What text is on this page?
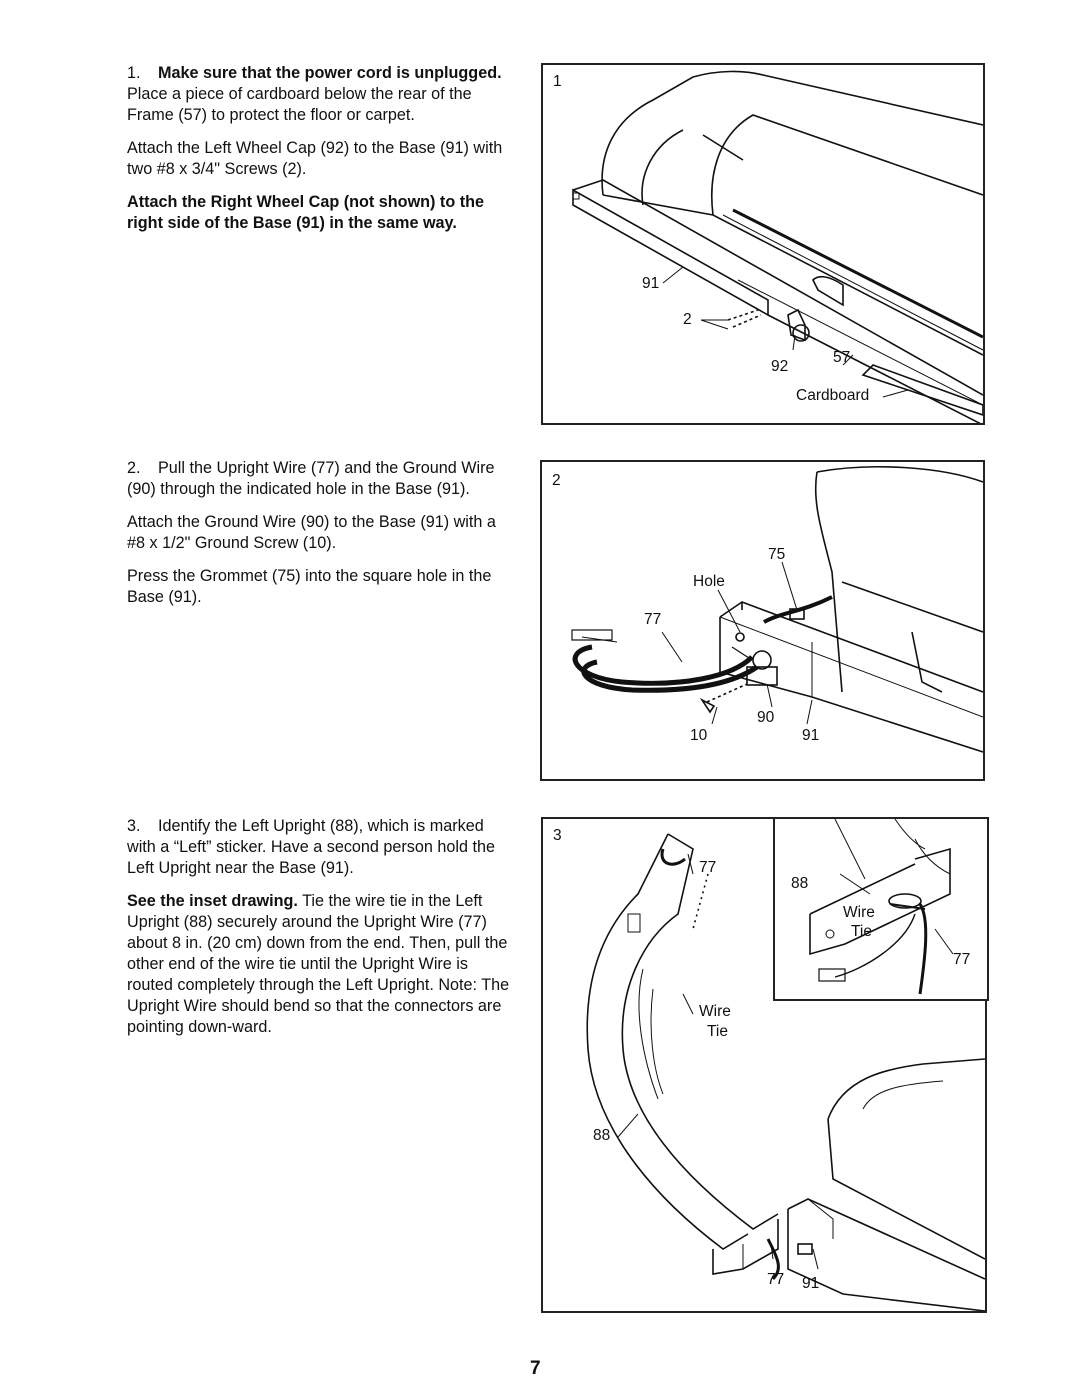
1. Make sure that the power cord is unplugged. Place a piece of cardboard below the rear of the Frame (57) to protect the floor or carpet.

Attach the Left Wheel Cap (92) to the Base (91) with two #8 x 3/4" Screws (2).

Attach the Right Wheel Cap (not shown) to the right side of the Base (91) in the same way.

2. Pull the Upright Wire (77) and the Ground Wire (90) through the indicated hole in the Base (91).

Attach the Ground Wire (90) to the Base (91) with a #8 x 1/2" Ground Screw (10).

Press the Grommet (75) into the square hole in the Base (91).

3. Identify the Left Upright (88), which is marked with a “Left” sticker. Have a second person hold the Left Upright near the Base (91).

See the inset drawing. Tie the wire tie in the Left Upright (88) securely around the Upright Wire (77) about 8 in. (20 cm) down from the end. Then, pull the other end of the wire tie until the Upright Wire is routed completely through the Left Upright. Note: The Upright Wire should bend so that the connectors are pointing down-ward.

1
91
2
92
57
Cardboard
2
75
Hole
77
90
10	91
3
77
Wire
Tie
88
77 91
88
Wire
Tie
77
7
